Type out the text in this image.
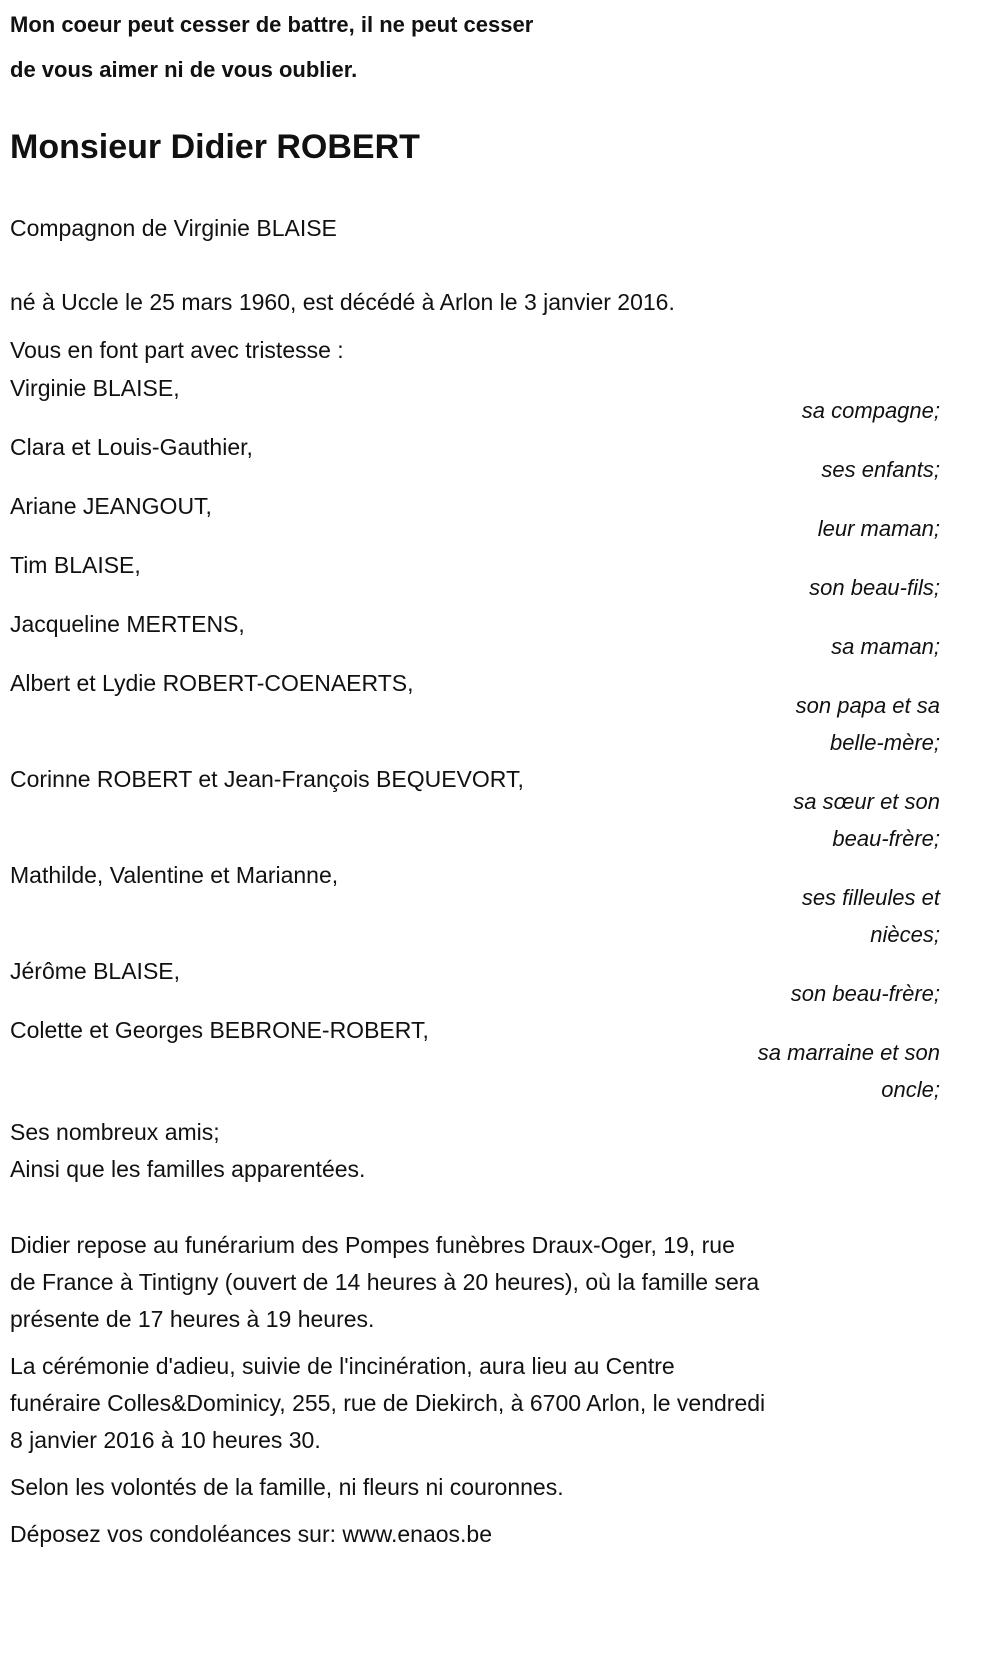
Mon coeur peut cesser de battre, il ne peut cesser
de vous aimer ni de vous oublier.
Monsieur Didier ROBERT
Compagnon de Virginie BLAISE
né à Uccle le 25 mars 1960, est décédé à Arlon le 3 janvier 2016.
Vous en font part avec tristesse :
Virginie BLAISE,
sa compagne;
Clara et Louis-Gauthier,
ses enfants;
Ariane JEANGOUT,
leur maman;
Tim BLAISE,
son beau-fils;
Jacqueline MERTENS,
sa maman;
Albert et Lydie ROBERT-COENAERTS,
son papa et sa
belle-mère;
Corinne ROBERT et Jean-François BEQUEVORT,
sa sœur et son
beau-frère;
Mathilde, Valentine et Marianne,
ses filleules et
nièces;
Jérôme BLAISE,
son beau-frère;
Colette et Georges BEBRONE-ROBERT,
sa marraine et son
oncle;
Ses nombreux amis;
Ainsi que les familles apparentées.
Didier repose au funérarium des Pompes funèbres Draux-Oger, 19, rue
de France à Tintigny (ouvert de 14 heures à 20 heures), où la famille sera
présente de 17 heures à 19 heures.
La cérémonie d'adieu, suivie de l'incinération, aura lieu au Centre
funéraire Colles&Dominicy, 255, rue de Diekirch, à 6700 Arlon, le vendredi
8 janvier 2016 à 10 heures 30.
Selon les volontés de la famille, ni fleurs ni couronnes.
Déposez vos condoléances sur: www.enaos.be
